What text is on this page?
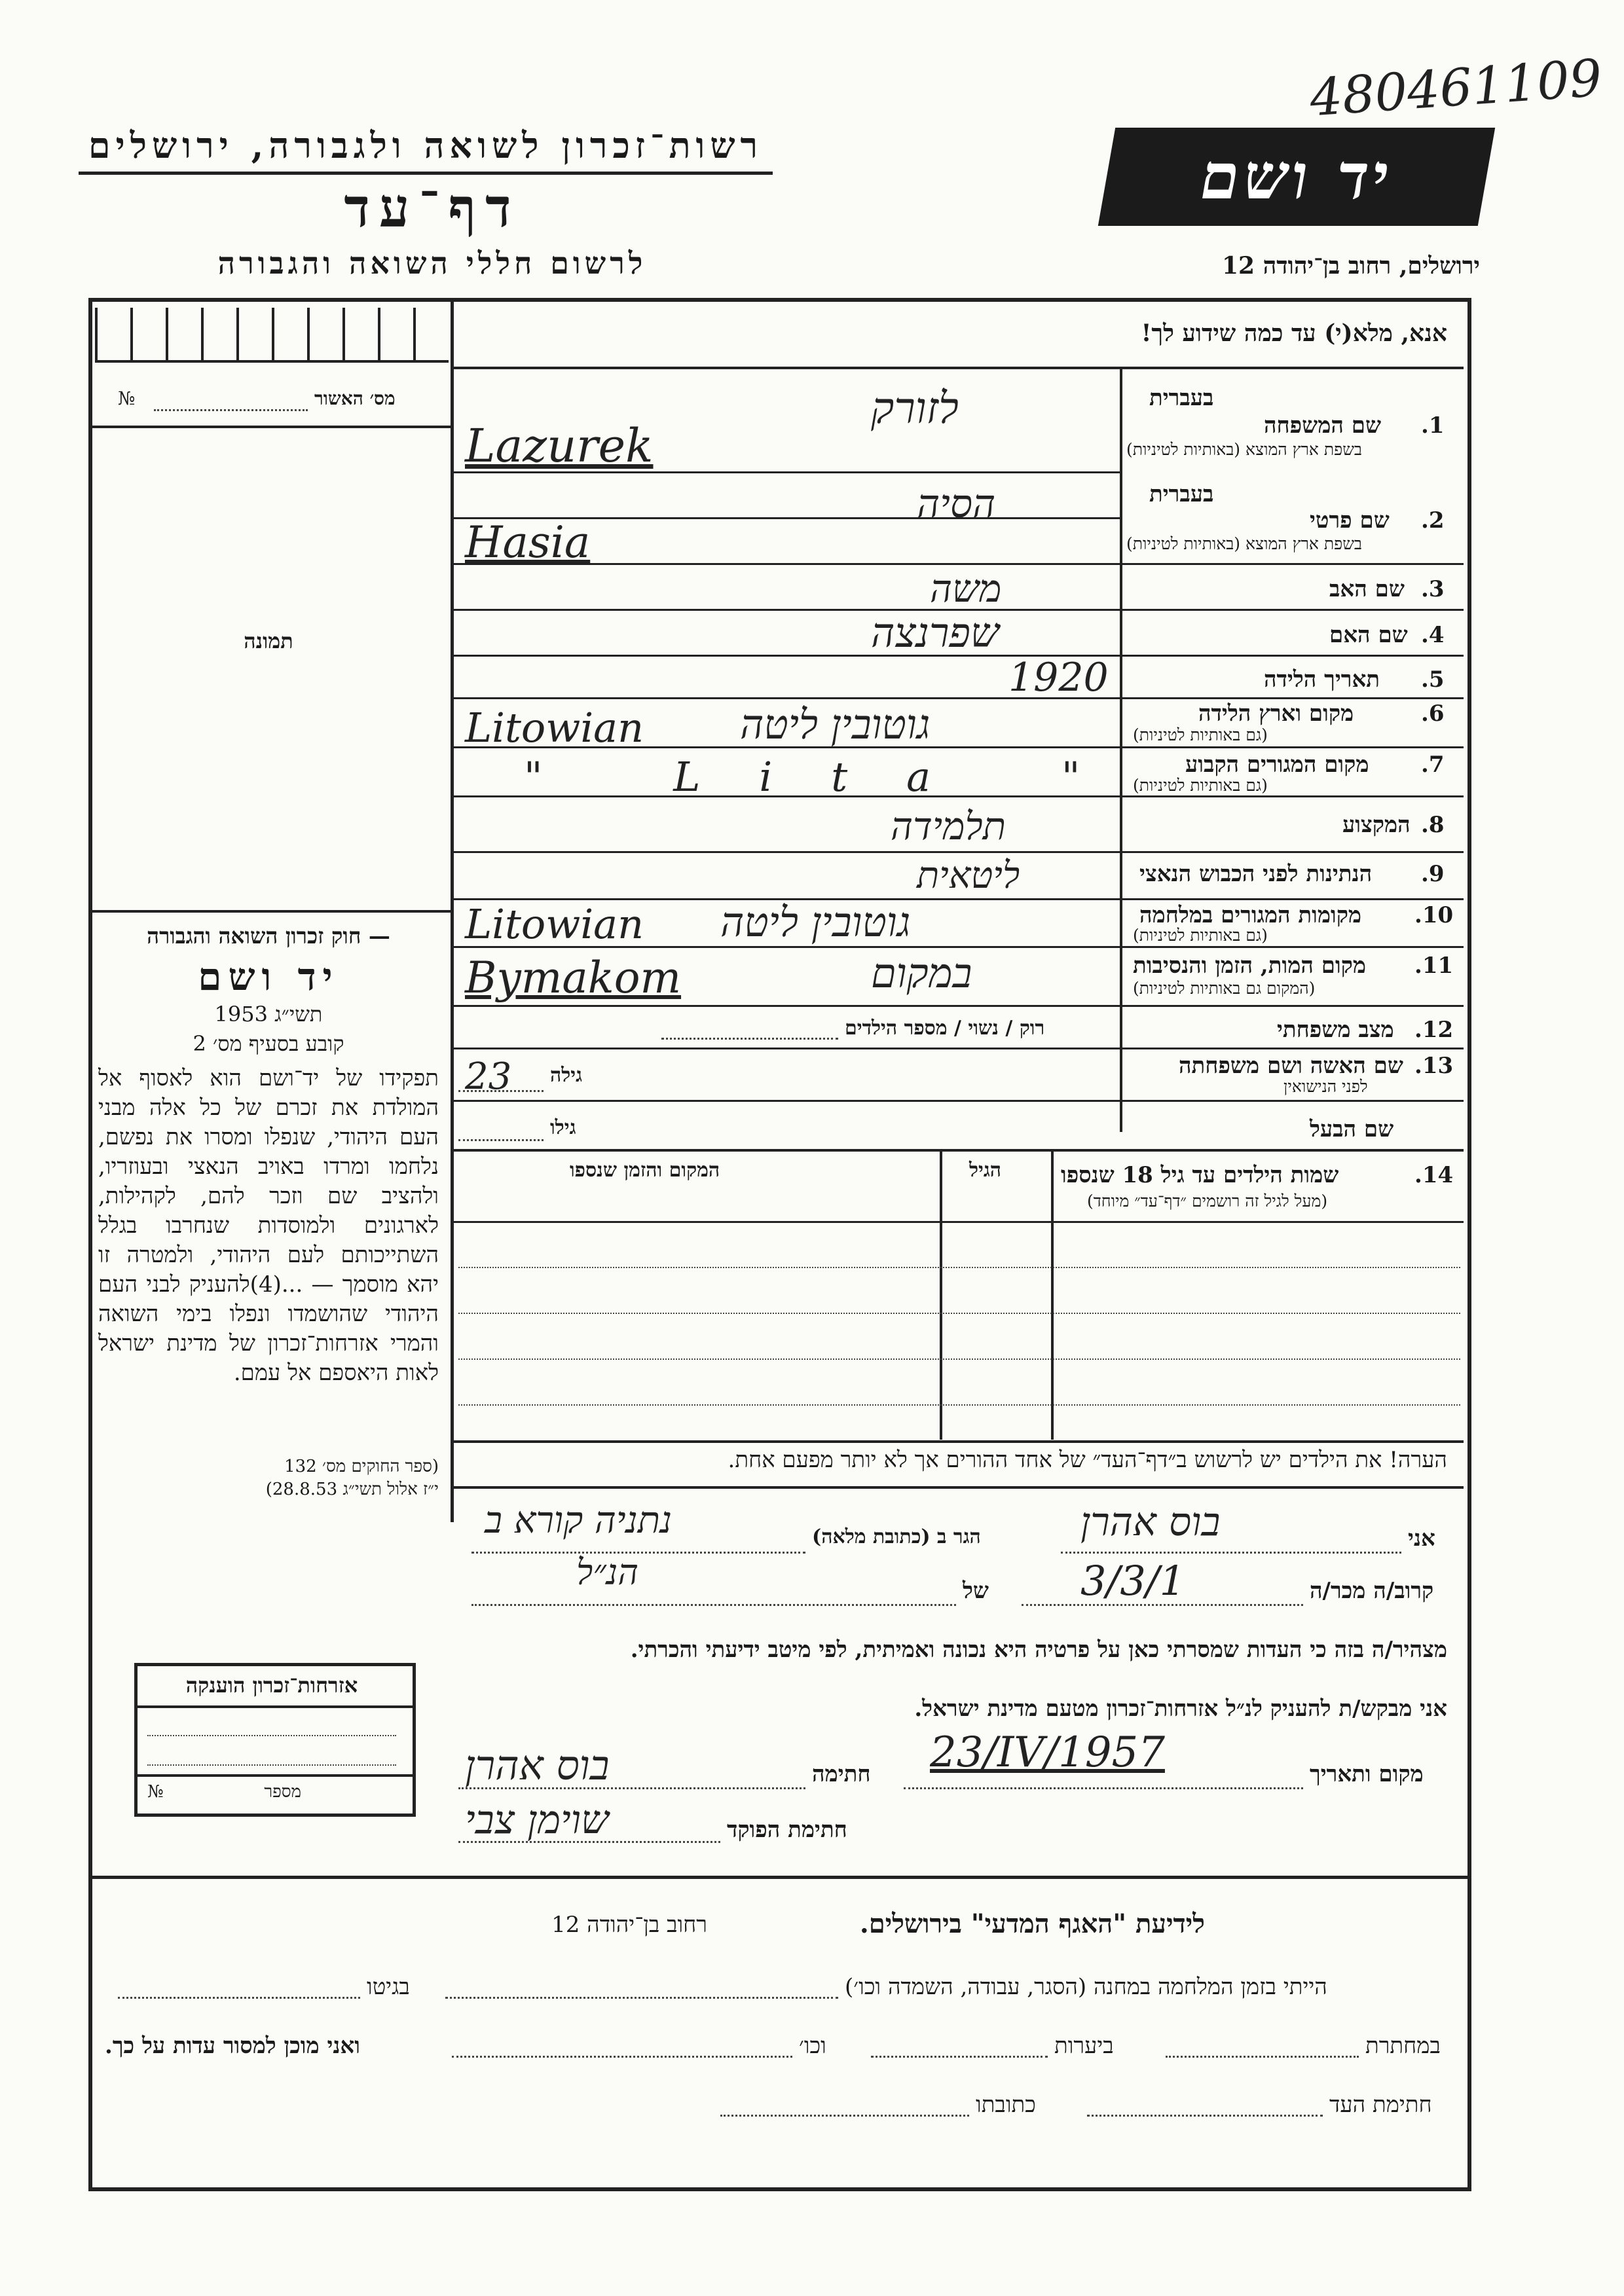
480461109
רשות־זכרון לשואה ולגבורה, ירושלים
דף־עד
לרשום חללי השואה והגבורה
יד ושם
ירושלים, רחוב בן־יהודה 12
אנא, מלא(י) עד כמה שידוע לך!
מס׳ האשור
№
תמונה
— חוק זכרון השואה והגבורה
יד ושם
תשי״ג 1953
קובע בסעיף מס׳ 2
תפקידו של יד־ושם הוא לאסוף אל המולדת את זכרם של כל אלה מבני העם היהודי, שנפלו ומסרו את נפשם, נלחמו ומרדו באויב הנאצי ובעוזריו, ולהציב שם וזכר להם, לקהילות, לארגונים ולמוסדות שנחרבו בגלל השתייכותם לעם היהודי, ולמטרה זו יהא מוסמך — ...(4)להעניק לבני העם היהודי שהושמדו ונפלו בימי השואה והמרי אזרחות־זכרון של מדינת ישראל לאות היאספם אל עמם.
(ספר החוקים מס׳ 132
י״ז אלול תשי״ג 28.8.53)
בעברית
1.
שם המשפחה
בשפת ארץ המוצא (באותיות לטיניות)
לזורק
Lazurek
בעברית
2.
שם פרטי
בשפת ארץ המוצא (באותיות לטיניות)
הסיה
Hasia
3.
שם האב
משה
4.
שם האם
שפרנצה
5.
תאריך הלידה
1920
6.
מקום וארץ הלידה
(גם באותיות לטיניות)
גוטובין ליטה
Litowian
7.
מקום המגורים הקבוע
(גם באותיות לטיניות)
" Lita "
8.
המקצוע
תלמידה
9.
הנתינות לפני הכבוש הנאצי
ליטאית
10.
מקומות המגורים במלחמה
(גם באותיות לטיניות)
גוטובין ליטה
Litowian
11.
מקום המות, הזמן והנסיבות
(המקום גם באותיות לטיניות)
במקום
Bymakom
12.
מצב משפחתי
רוק / נשוי / מספר הילדים
13.
שם האשה ושם משפחתה
לפני הנישואין
גילה
23
שם הבעל
גילו
14.
שמות הילדים עד גיל 18 שנספו
(מעל לגיל זה רושמים ״דף־עד״ מיוחד)
הגיל
המקום והזמן שנספו
הערה! את הילדים יש לרשוש ב״דף־העד״ של אחד ההורים אך לא יותר מפעם אחת.
אני
בוס אהרן
הגר ב (כתובת מלאה)
נתניה קורא ב
קרוב/ה מכר/ה
3/3/1
של
הנ״ל
מצהיר/ה בזה כי העדות שמסרתי כאן על פרטיה היא נכונה ואמיתית, לפי מיטב ידיעתי והכרתי.
אני מבקש/ת להעניק לנ״ל אזרחות־זכרון מטעם מדינת ישראל.
מקום ותאריך
23/IV/1957
חתימה
בוס אהרן
חתימת הפוקד
שוימן צבי
אזרחות־זכרון הוענקה
מספר
№
לידיעת "האגף המדעי" בירושלים.
רחוב בן־יהודה 12
הייתי בזמן המלחמה במחנה (הסגר, עבודה, השמדה וכו׳)
בגיטו
במחתרת
ביערות
וכו׳
ואני מוכן למסור עדות על כך.
חתימת העד
כתובתו
